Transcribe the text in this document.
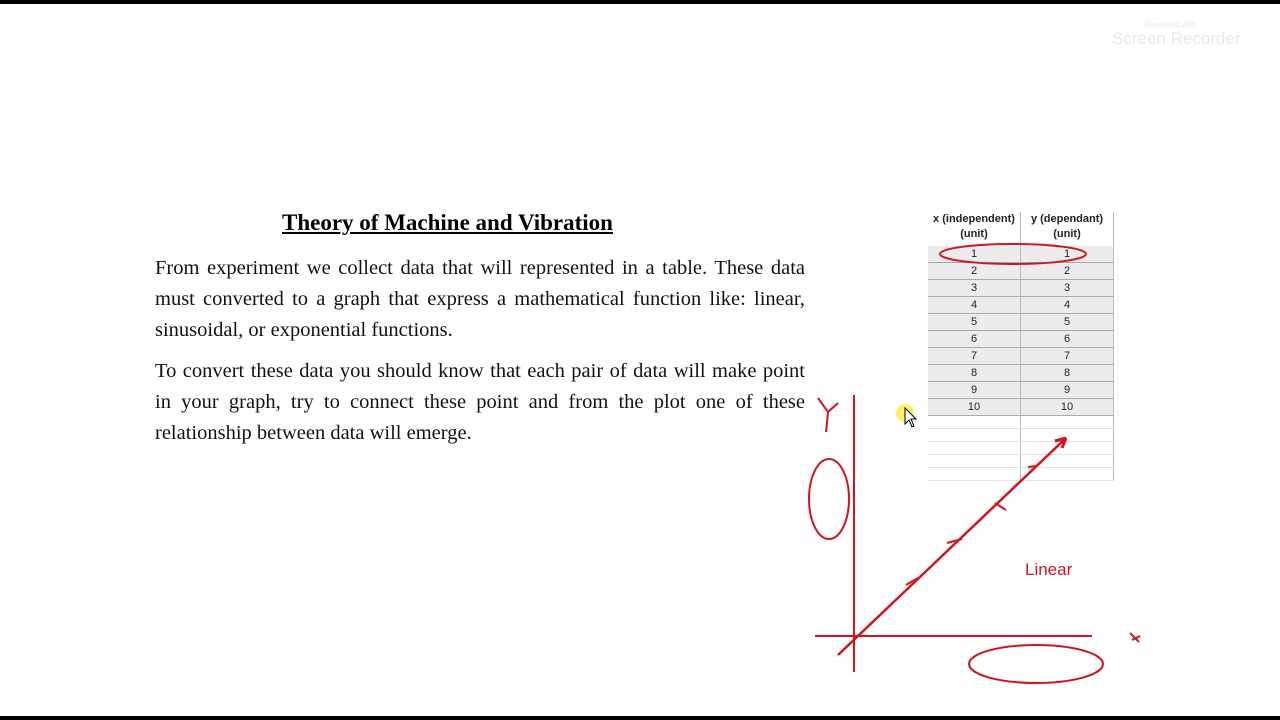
Recorded with
Screen Recorder
Theory of Machine and Vibration
From experiment we collect data that will represented in a table. These data must converted to a graph that express a mathematical function like: linear, sinusoidal, or exponential functions.
To convert these data you should know that each pair of data will make point in your graph, try to connect these point and from the plot one of these relationship between data will emerge.
x (independent) (unit)	y (dependant) (unit)
1	1
2	2
3	3
4	4
5	5
6	6
7	7
8	8
9	9
10	10

Linear
